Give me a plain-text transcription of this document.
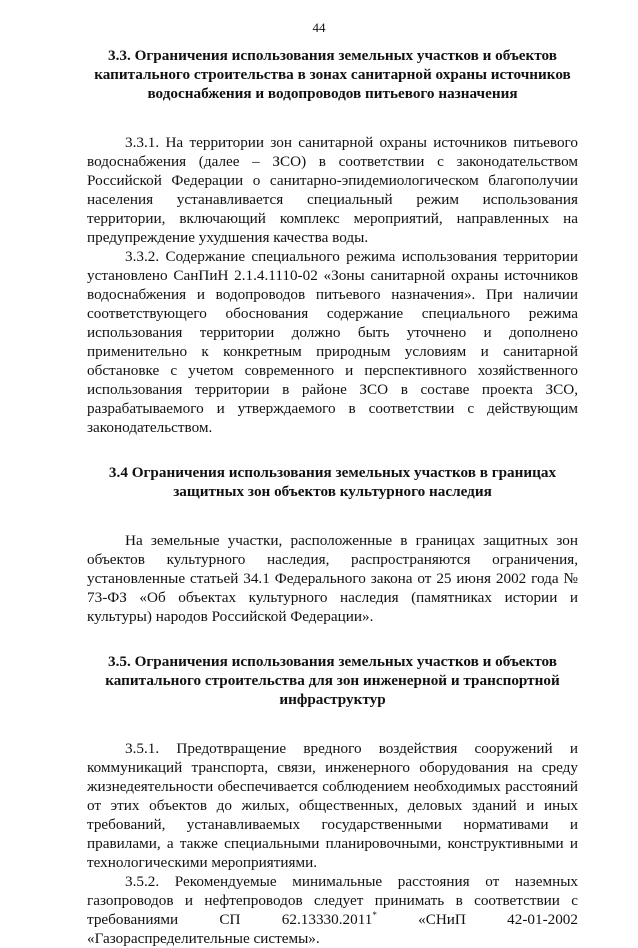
44

3.3. Ограничения использования земельных участков и объектов капитального строительства в зонах санитарной охраны источников водоснабжения и водопроводов питьевого назначения

3.3.1. На территории зон санитарной охраны источников питьевого водоснабжения (далее – ЗСО) в соответствии с законодательством Российской Федерации о санитарно-эпидемиологическом благополучии населения устанавливается специальный режим использования территории, включающий комплекс мероприятий, направленных на предупреждение ухудшения качества воды.

3.3.2. Содержание специального режима использования территории установлено СанПиН 2.1.4.1110-02 «Зоны санитарной охраны источников водоснабжения и водопроводов питьевого назначения». При наличии соответствующего обоснования содержание специального режима использования территории должно быть уточнено и дополнено применительно к конкретным природным условиям и санитарной обстановке с учетом современного и перспективного хозяйственного использования территории в районе ЗСО в составе проекта ЗСО, разрабатываемого и утверждаемого в соответствии с действующим законодательством.

3.4 Ограничения использования земельных участков в границах защитных зон объектов культурного наследия

На земельные участки, расположенные в границах защитных зон объектов культурного наследия, распространяются ограничения, установленные статьей 34.1 Федерального закона от 25 июня 2002 года № 73-ФЗ «Об объектах культурного наследия (памятниках истории и культуры) народов Российской Федерации».

3.5. Ограничения использования земельных участков и объектов капитального строительства для зон инженерной и транспортной инфраструктур

3.5.1. Предотвращение вредного воздействия сооружений и коммуникаций транспорта, связи, инженерного оборудования на среду жизнедеятельности обеспечивается соблюдением необходимых расстояний от этих объектов до жилых, общественных, деловых зданий и иных требований, устанавливаемых государственными нормативами и правилами, а также специальными планировочными, конструктивными и технологическими мероприятиями.

3.5.2. Рекомендуемые минимальные расстояния от наземных газопроводов и нефтепроводов следует принимать в соответствии с требованиями СП 62.13330.2011* «СНиП 42-01-2002 «Газораспределительные системы».
